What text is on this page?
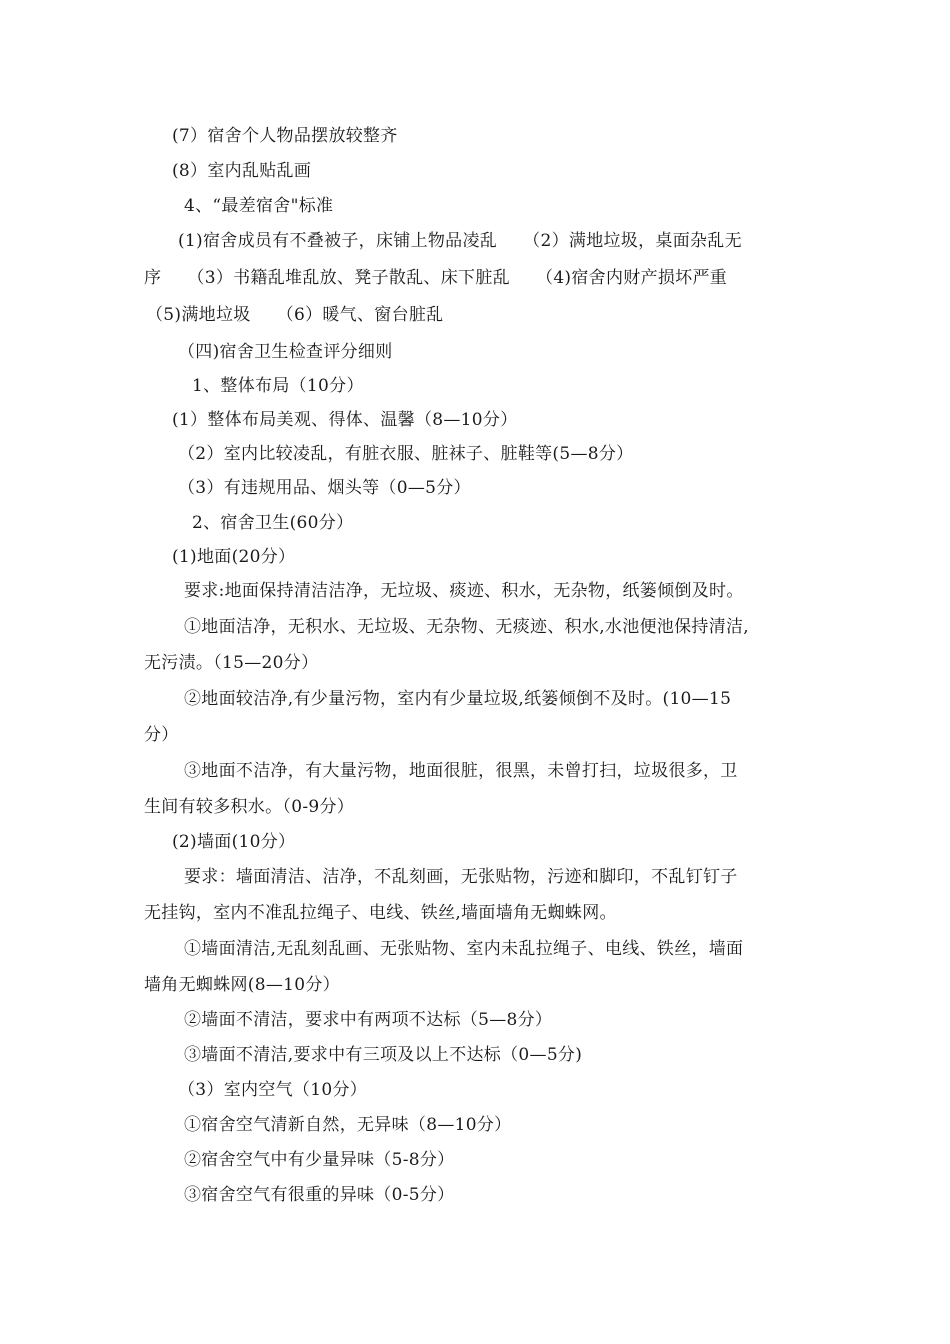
(7）宿舍个人物品摆放较整齐
(8）室内乱贴乱画
4、“最差宿舍"标准
(1)宿舍成员有不叠被子，床铺上物品凌乱　　（2）满地垃圾，桌面杂乱无
序　　（3）书籍乱堆乱放、凳子散乱、床下脏乱　　（4)宿舍内财产损坏严重
（5)满地垃圾　　（6）暖气、窗台脏乱
（四)宿舍卫生检查评分细则
1、整体布局（10分）
(1）整体布局美观、得体、温馨（8—10分）
（2）室内比较凌乱，有脏衣服、脏袜子、脏鞋等(5—8分）
（3）有违规用品、烟头等（0—5分）
2、宿舍卫生(60分）
(1)地面(20分）
要求:地面保持清洁洁净，无垃圾、痰迹、积水，无杂物，纸篓倾倒及时。
①地面洁净，无积水、无垃圾、无杂物、无痰迹、积水,水池便池保持清洁,
无污渍。（15—20分）
②地面较洁净,有少量污物，室内有少量垃圾,纸篓倾倒不及时。(10—15
分）
③地面不洁净，有大量污物，地面很脏，很黑，未曾打扫，垃圾很多，卫
生间有较多积水。（0-9分）
(2)墙面(10分）
要求：墙面清洁、洁净，不乱刻画，无张贴物，污迹和脚印，不乱钉钉子
无挂钩，室内不准乱拉绳子、电线、铁丝,墙面墙角无蜘蛛网。
①墙面清洁,无乱刻乱画、无张贴物、室内未乱拉绳子、电线、铁丝，墙面
墙角无蜘蛛网(8—10分）
②墙面不清洁，要求中有两项不达标（5—8分）
③墙面不清洁,要求中有三项及以上不达标（0—5分)
（3）室内空气（10分）
①宿舍空气清新自然，无异味（8—10分）
②宿舍空气中有少量异味（5-8分）
③宿舍空气有很重的异味（0-5分）
